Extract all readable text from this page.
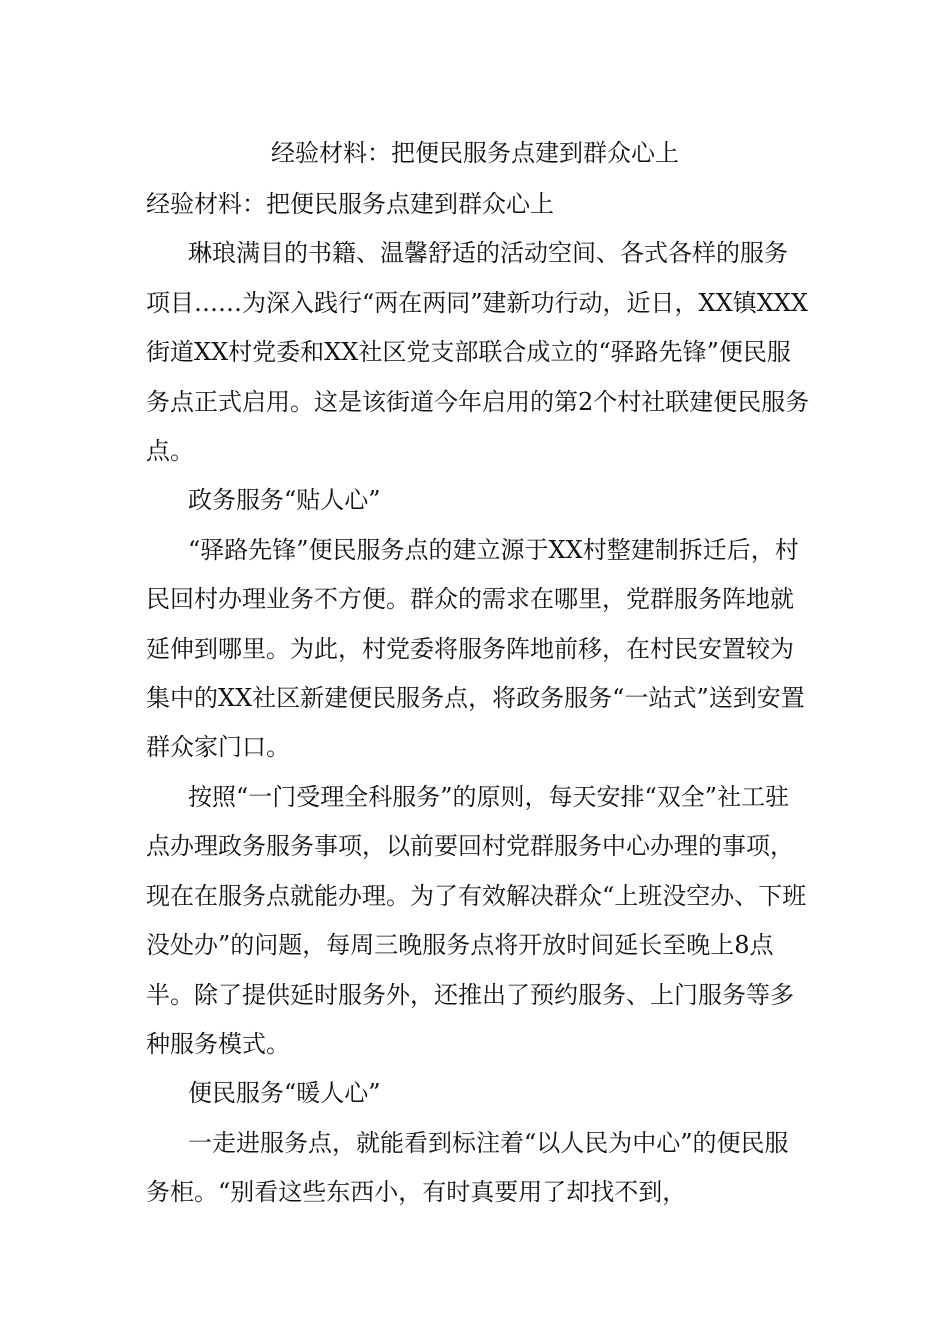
经验材料：把便民服务点建到群众心上

经验材料：把便民服务点建到群众心上

琳琅满目的书籍、温馨舒适的活动空间、各式各样的服务项目……为深入践行“两在两同”建新功行动，近日，XX镇XXX街道XX村党委和XX社区党支部联合成立的“驿路先锋”便民服务点正式启用。这是该街道今年启用的第2个村社联建便民服务点。

政务服务“贴人心”

“驿路先锋”便民服务点的建立源于XX村整建制拆迁后，村民回村办理业务不方便。群众的需求在哪里，党群服务阵地就延伸到哪里。为此，村党委将服务阵地前移，在村民安置较为集中的XX社区新建便民服务点，将政务服务“一站式”送到安置群众家门口。

按照“一门受理全科服务”的原则，每天安排“双全”社工驻点办理政务服务事项，以前要回村党群服务中心办理的事项，现在在服务点就能办理。为了有效解决群众“上班没空办、下班没处办”的问题，每周三晚服务点将开放时间延长至晚上8点半。除了提供延时服务外，还推出了预约服务、上门服务等多种服务模式。

便民服务“暖人心”

一走进服务点，就能看到标注着“以人民为中心”的便民服务柜。“别看这些东西小，有时真要用了却找不到，
